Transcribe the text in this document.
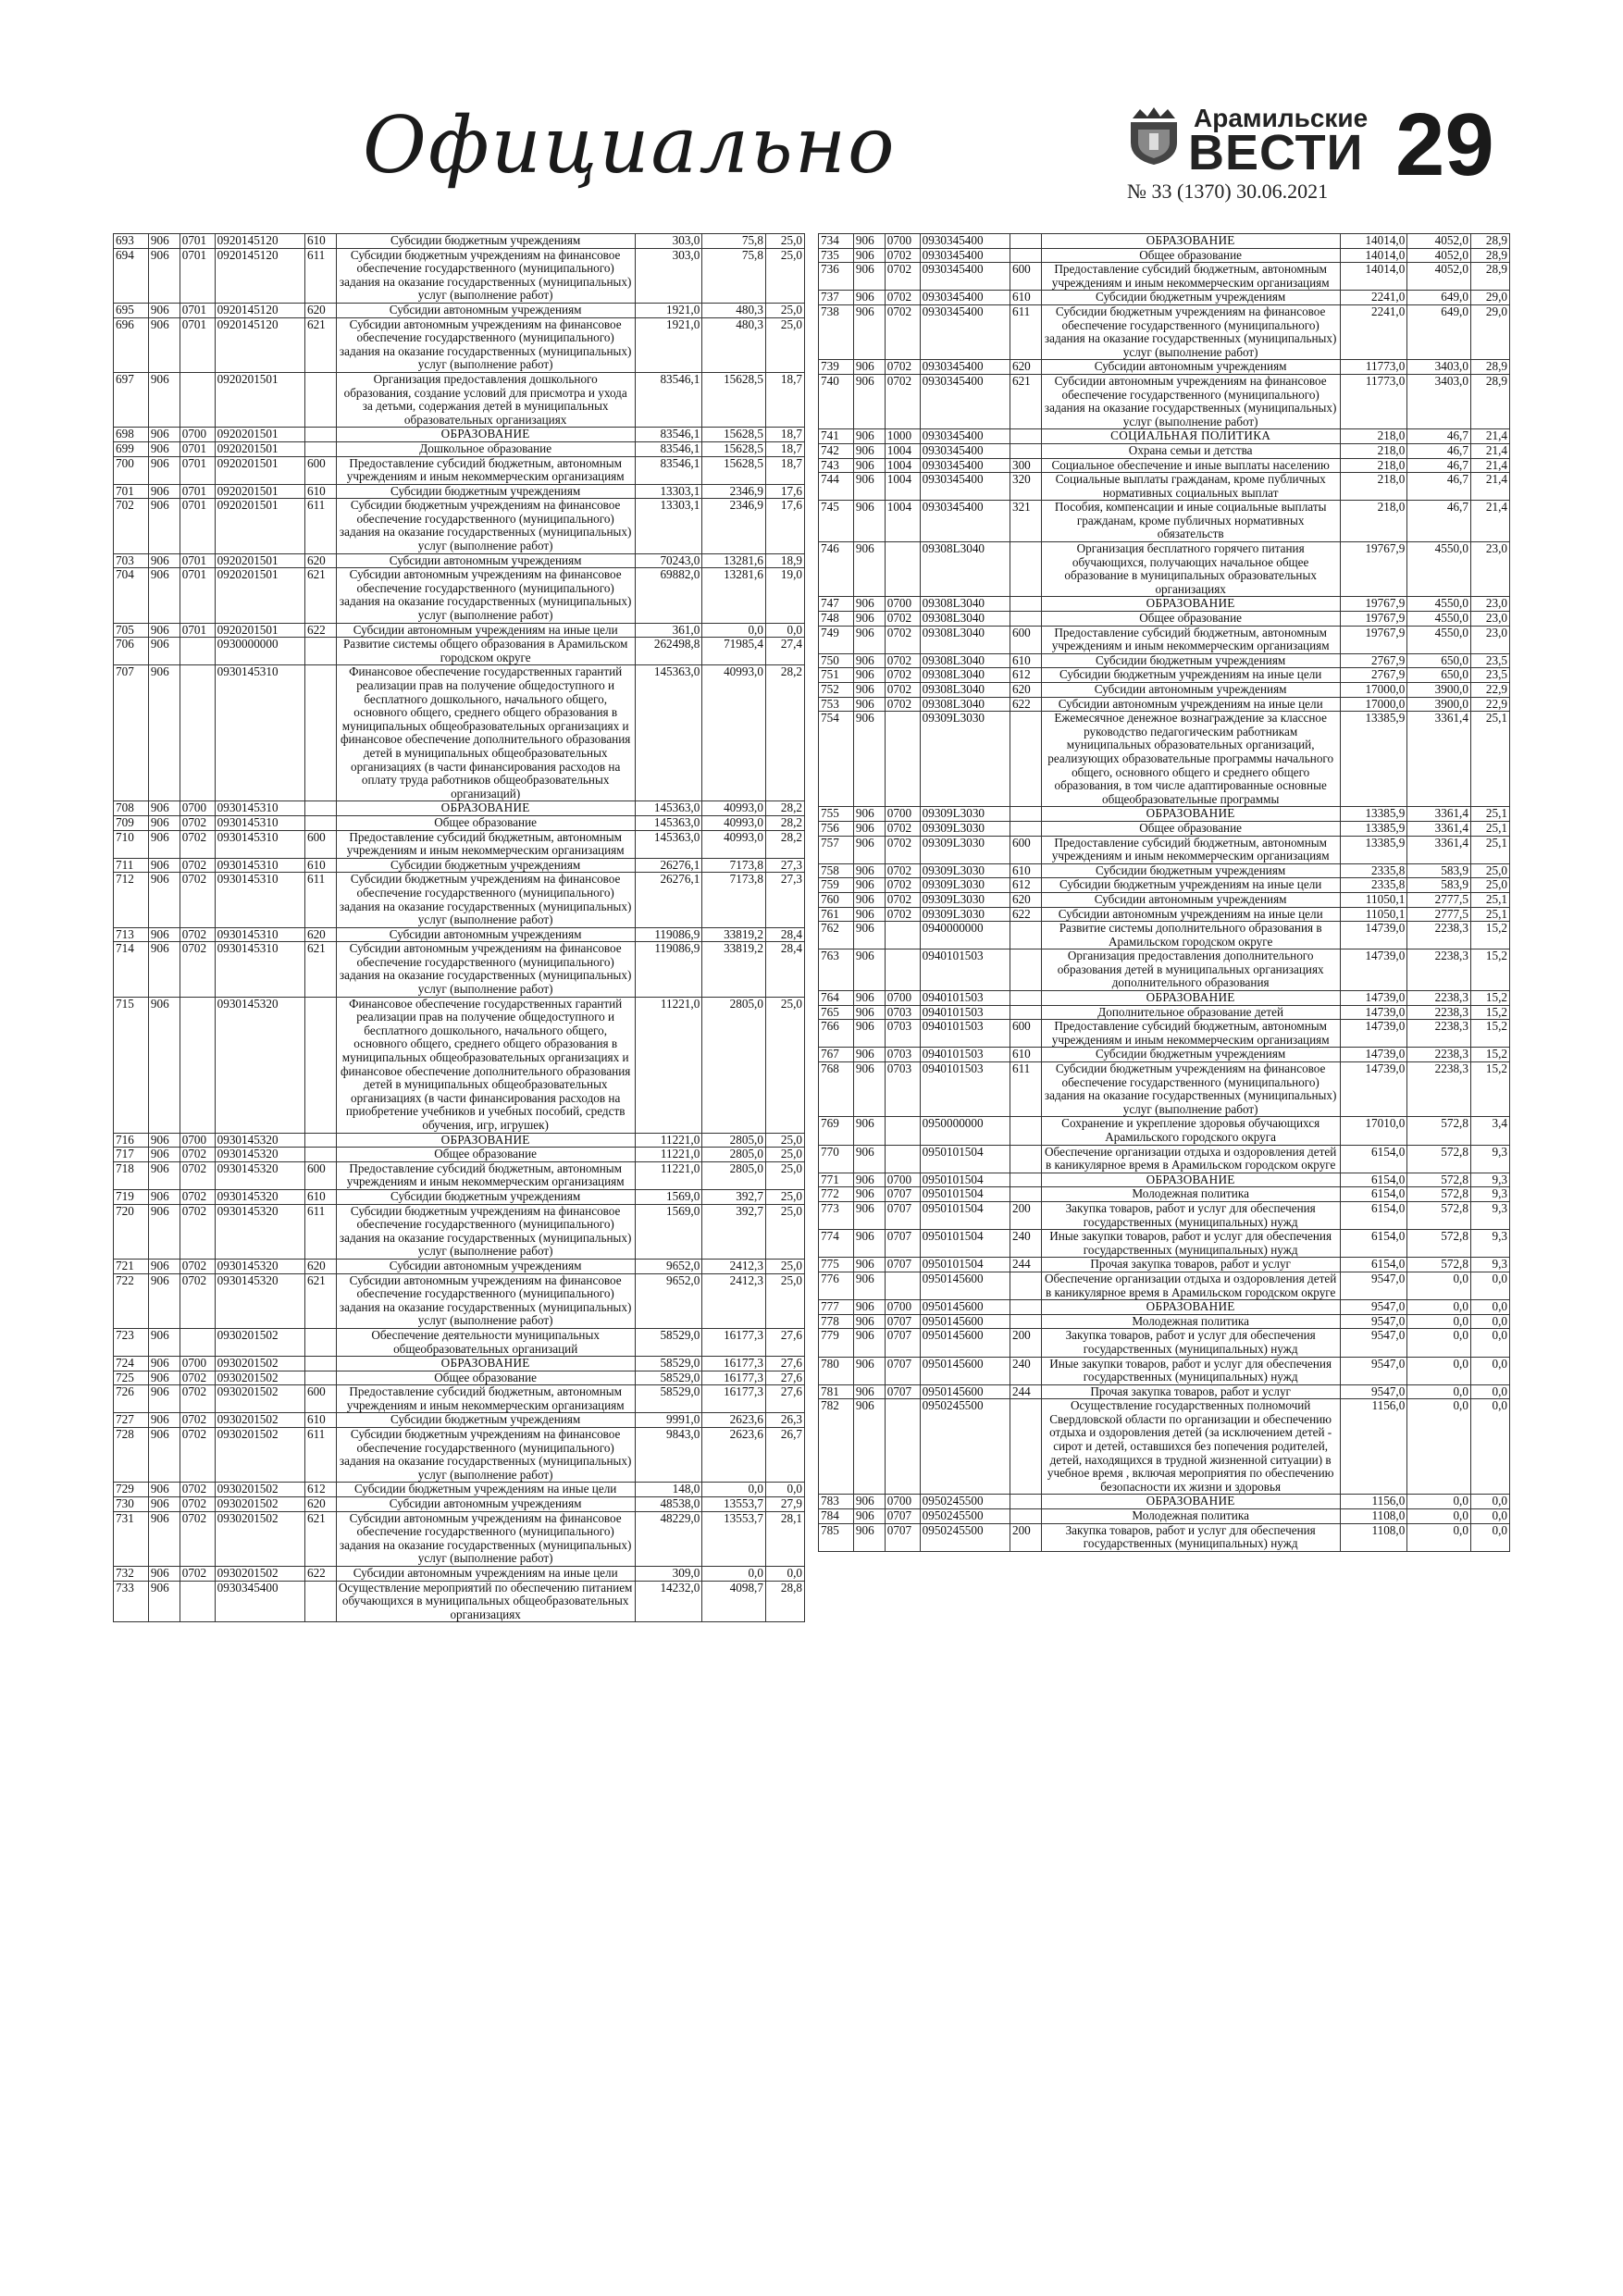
Официально	Арамильские
ВЕСТИ
№ 33 (1370) 30.06.2021 29
693	906	0701	0920145120	610	Субсидии бюджетным учреждениям	303,0	75,8	25,0
694	906	0701	0920145120	611	Субсидии бюджетным учреждениям на финансовое обеспечение государственного (муниципального) задания на оказание государственных (муниципальных) услуг (выполнение работ)	303,0	75,8	25,0
695	906	0701	0920145120	620	Субсидии автономным учреждениям	1921,0	480,3	25,0
696	906	0701	0920145120	621	Субсидии автономным учреждениям на финансовое обеспечение государственного (муниципального) задания на оказание государственных (муниципальных) услуг (выполнение работ)	1921,0	480,3	25,0
697	906		0920201501		Организация предоставления дошкольного образования, создание условий для присмотра и ухода за детьми, содержания детей в муниципальных образовательных организациях	83546,1	15628,5	18,7
698	906	0700	0920201501		ОБРАЗОВАНИЕ	83546,1	15628,5	18,7
699	906	0701	0920201501		Дошкольное образование	83546,1	15628,5	18,7
700	906	0701	0920201501	600	Предоставление субсидий бюджетным, автономным учреждениям и иным некоммерческим организациям	83546,1	15628,5	18,7
701	906	0701	0920201501	610	Субсидии бюджетным учреждениям	13303,1	2346,9	17,6
702	906	0701	0920201501	611	Субсидии бюджетным учреждениям на финансовое обеспечение государственного (муниципального) задания на оказание государственных (муниципальных) услуг (выполнение работ)	13303,1	2346,9	17,6
703	906	0701	0920201501	620	Субсидии автономным учреждениям	70243,0	13281,6	18,9
704	906	0701	0920201501	621	Субсидии автономным учреждениям на финансовое обеспечение государственного (муниципального) задания на оказание государственных (муниципальных) услуг (выполнение работ)	69882,0	13281,6	19,0
705	906	0701	0920201501	622	Субсидии автономным учреждениям на иные цели	361,0	0,0	0,0
706	906		0930000000		Развитие системы общего образования в Арамильском городском округе	262498,8	71985,4	27,4
707	906		0930145310		Финансовое обеспечение государственных гарантий реализации прав на получение общедоступного и бесплатного дошкольного, начального общего, основного общего, среднего общего образования в муниципальных общеобразовательных организациях и финансовое обеспечение дополнительного образования детей в муниципальных общеобразовательных организациях (в части финансирования расходов на оплату труда работников общеобразовательных организаций)	145363,0	40993,0	28,2
708	906	0700	0930145310		ОБРАЗОВАНИЕ	145363,0	40993,0	28,2
709	906	0702	0930145310		Общее образование	145363,0	40993,0	28,2
710	906	0702	0930145310	600	Предоставление субсидий бюджетным, автономным учреждениям и иным некоммерческим организациям	145363,0	40993,0	28,2
711	906	0702	0930145310	610	Субсидии бюджетным учреждениям	26276,1	7173,8	27,3
712	906	0702	0930145310	611	Субсидии бюджетным учреждениям на финансовое обеспечение государственного (муниципального) задания на оказание государственных (муниципальных) услуг (выполнение работ)	26276,1	7173,8	27,3
713	906	0702	0930145310	620	Субсидии автономным учреждениям	119086,9	33819,2	28,4
714	906	0702	0930145310	621	Субсидии автономным учреждениям на финансовое обеспечение государственного (муниципального) задания на оказание государственных (муниципальных) услуг (выполнение работ)	119086,9	33819,2	28,4
715	906		0930145320		Финансовое обеспечение государственных гарантий реализации прав на получение общедоступного и бесплатного дошкольного, начального общего, основного общего, среднего общего образования в муниципальных общеобразовательных организациях и финансовое обеспечение дополнительного образования детей в муниципальных общеобразовательных организациях (в части финансирования расходов на приобретение учебников и учебных пособий, средств обучения, игр, игрушек)	11221,0	2805,0	25,0
716	906	0700	0930145320		ОБРАЗОВАНИЕ	11221,0	2805,0	25,0
717	906	0702	0930145320		Общее образование	11221,0	2805,0	25,0
718	906	0702	0930145320	600	Предоставление субсидий бюджетным, автономным учреждениям и иным некоммерческим организациям	11221,0	2805,0	25,0
719	906	0702	0930145320	610	Субсидии бюджетным учреждениям	1569,0	392,7	25,0
720	906	0702	0930145320	611	Субсидии бюджетным учреждениям на финансовое обеспечение государственного (муниципального) задания на оказание государственных (муниципальных) услуг (выполнение работ)	1569,0	392,7	25,0
721	906	0702	0930145320	620	Субсидии автономным учреждениям	9652,0	2412,3	25,0
722	906	0702	0930145320	621	Субсидии автономным учреждениям на финансовое обеспечение государственного (муниципального) задания на оказание государственных (муниципальных) услуг (выполнение работ)	9652,0	2412,3	25,0
723	906		0930201502		Обеспечение деятельности муниципальных общеобразовательных организаций	58529,0	16177,3	27,6
724	906	0700	0930201502		ОБРАЗОВАНИЕ	58529,0	16177,3	27,6
725	906	0702	0930201502		Общее образование	58529,0	16177,3	27,6
726	906	0702	0930201502	600	Предоставление субсидий бюджетным, автономным учреждениям и иным некоммерческим организациям	58529,0	16177,3	27,6
727	906	0702	0930201502	610	Субсидии бюджетным учреждениям	9991,0	2623,6	26,3
728	906	0702	0930201502	611	Субсидии бюджетным учреждениям на финансовое обеспечение государственного (муниципального) задания на оказание государственных (муниципальных) услуг (выполнение работ)	9843,0	2623,6	26,7
729	906	0702	0930201502	612	Субсидии бюджетным учреждениям на иные цели	148,0	0,0	0,0
730	906	0702	0930201502	620	Субсидии автономным учреждениям	48538,0	13553,7	27,9
731	906	0702	0930201502	621	Субсидии автономным учреждениям на финансовое обеспечение государственного (муниципального) задания на оказание государственных (муниципальных) услуг (выполнение работ)	48229,0	13553,7	28,1
732	906	0702	0930201502	622	Субсидии автономным учреждениям на иные цели	309,0	0,0	0,0
733	906		0930345400		Осуществление мероприятий по обеспечению питанием обучающихся в муниципальных общеобразовательных организациях	14232,0	4098,7	28,8
734	906	0700	0930345400		ОБРАЗОВАНИЕ	14014,0	4052,0	28,9
735	906	0702	0930345400		Общее образование	14014,0	4052,0	28,9
736	906	0702	0930345400	600	Предоставление субсидий бюджетным, автономным учреждениям и иным некоммерческим организациям	14014,0	4052,0	28,9
737	906	0702	0930345400	610	Субсидии бюджетным учреждениям	2241,0	649,0	29,0
738	906	0702	0930345400	611	Субсидии бюджетным учреждениям на финансовое обеспечение государственного (муниципального) задания на оказание государственных (муниципальных) услуг (выполнение работ)	2241,0	649,0	29,0
739	906	0702	0930345400	620	Субсидии автономным учреждениям	11773,0	3403,0	28,9
740	906	0702	0930345400	621	Субсидии автономным учреждениям на финансовое обеспечение государственного (муниципального) задания на оказание государственных (муниципальных) услуг (выполнение работ)	11773,0	3403,0	28,9
741	906	1000	0930345400		СОЦИАЛЬНАЯ ПОЛИТИКА	218,0	46,7	21,4
742	906	1004	0930345400		Охрана семьи и детства	218,0	46,7	21,4
743	906	1004	0930345400	300	Социальное обеспечение и иные выплаты населению	218,0	46,7	21,4
744	906	1004	0930345400	320	Социальные выплаты гражданам, кроме публичных нормативных социальных выплат	218,0	46,7	21,4
745	906	1004	0930345400	321	Пособия, компенсации и иные социальные выплаты гражданам, кроме публичных нормативных обязательств	218,0	46,7	21,4
746	906		09308L3040		Организация бесплатного горячего питания обучающихся, получающих начальное общее образование в муниципальных образовательных организациях	19767,9	4550,0	23,0
747	906	0700	09308L3040		ОБРАЗОВАНИЕ	19767,9	4550,0	23,0
748	906	0702	09308L3040		Общее образование	19767,9	4550,0	23,0
749	906	0702	09308L3040	600	Предоставление субсидий бюджетным, автономным учреждениям и иным некоммерческим организациям	19767,9	4550,0	23,0
750	906	0702	09308L3040	610	Субсидии бюджетным учреждениям	2767,9	650,0	23,5
751	906	0702	09308L3040	612	Субсидии бюджетным учреждениям на иные цели	2767,9	650,0	23,5
752	906	0702	09308L3040	620	Субсидии автономным учреждениям	17000,0	3900,0	22,9
753	906	0702	09308L3040	622	Субсидии автономным учреждениям на иные цели	17000,0	3900,0	22,9
754	906		09309L3030		Ежемесячное денежное вознаграждение за классное руководство педагогическим работникам муниципальных образовательных организаций, реализующих образовательные программы начального общего, основного общего и среднего общего образования, в том числе адаптированные основные общеобразовательные программы	13385,9	3361,4	25,1
755	906	0700	09309L3030		ОБРАЗОВАНИЕ	13385,9	3361,4	25,1
756	906	0702	09309L3030		Общее образование	13385,9	3361,4	25,1
757	906	0702	09309L3030	600	Предоставление субсидий бюджетным, автономным учреждениям и иным некоммерческим организациям	13385,9	3361,4	25,1
758	906	0702	09309L3030	610	Субсидии бюджетным учреждениям	2335,8	583,9	25,0
759	906	0702	09309L3030	612	Субсидии бюджетным учреждениям на иные цели	2335,8	583,9	25,0
760	906	0702	09309L3030	620	Субсидии автономным учреждениям	11050,1	2777,5	25,1
761	906	0702	09309L3030	622	Субсидии автономным учреждениям на иные цели	11050,1	2777,5	25,1
762	906		0940000000		Развитие системы дополнительного образования в Арамильском городском округе	14739,0	2238,3	15,2
763	906		0940101503		Организация предоставления дополнительного образования детей в муниципальных организациях дополнительного образования	14739,0	2238,3	15,2
764	906	0700	0940101503		ОБРАЗОВАНИЕ	14739,0	2238,3	15,2
765	906	0703	0940101503		Дополнительное образование детей	14739,0	2238,3	15,2
766	906	0703	0940101503	600	Предоставление субсидий бюджетным, автономным учреждениям и иным некоммерческим организациям	14739,0	2238,3	15,2
767	906	0703	0940101503	610	Субсидии бюджетным учреждениям	14739,0	2238,3	15,2
768	906	0703	0940101503	611	Субсидии бюджетным учреждениям на финансовое обеспечение государственного (муниципального) задания на оказание государственных (муниципальных) услуг (выполнение работ)	14739,0	2238,3	15,2
769	906		0950000000		Сохранение и укрепление здоровья обучающихся Арамильского городского округа	17010,0	572,8	3,4
770	906		0950101504		Обеспечение организации отдыха и оздоровления детей в каникулярное время в Арамильском городском округе	6154,0	572,8	9,3
771	906	0700	0950101504		ОБРАЗОВАНИЕ	6154,0	572,8	9,3
772	906	0707	0950101504		Молодежная политика	6154,0	572,8	9,3
773	906	0707	0950101504	200	Закупка товаров, работ и услуг для обеспечения государственных (муниципальных) нужд	6154,0	572,8	9,3
774	906	0707	0950101504	240	Иные закупки товаров, работ и услуг для обеспечения государственных (муниципальных) нужд	6154,0	572,8	9,3
775	906	0707	0950101504	244	Прочая закупка товаров, работ и услуг	6154,0	572,8	9,3
776	906		0950145600		Обеспечение организации отдыха и оздоровления детей в каникулярное время в Арамильском городском округе	9547,0	0,0	0,0
777	906	0700	0950145600		ОБРАЗОВАНИЕ	9547,0	0,0	0,0
778	906	0707	0950145600		Молодежная политика	9547,0	0,0	0,0
779	906	0707	0950145600	200	Закупка товаров, работ и услуг для обеспечения государственных (муниципальных) нужд	9547,0	0,0	0,0
780	906	0707	0950145600	240	Иные закупки товаров, работ и услуг для обеспечения государственных (муниципальных) нужд	9547,0	0,0	0,0
781	906	0707	0950145600	244	Прочая закупка товаров, работ и услуг	9547,0	0,0	0,0
782	906		0950245500		Осуществление государственных полномочий Свердловской области по организации и обеспечению отдыха и оздоровления детей (за исключением детей - сирот и детей, оставшихся без попечения родителей, детей, находящихся в трудной жизненной ситуации) в учебное время , включая мероприятия по обеспечению безопасности их жизни и здоровья	1156,0	0,0	0,0
783	906	0700	0950245500		ОБРАЗОВАНИЕ	1156,0	0,0	0,0
784	906	0707	0950245500		Молодежная политика	1108,0	0,0	0,0
785	906	0707	0950245500	200	Закупка товаров, работ и услуг для обеспечения государственных (муниципальных) нужд	1108,0	0,0	0,0
